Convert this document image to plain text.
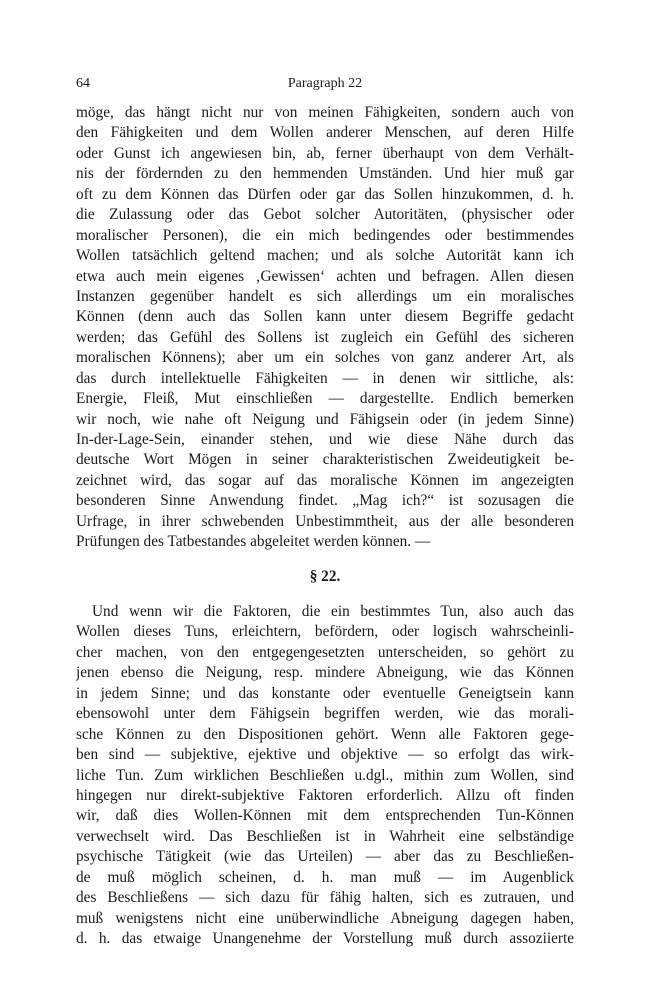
64	Paragraph 22
möge, das hängt nicht nur von meinen Fähigkeiten, sondern auch von
den Fähigkeiten und dem Wollen anderer Menschen, auf deren Hilfe
oder Gunst ich angewiesen bin, ab, ferner überhaupt von dem Verhält-
nis der fördernden zu den hemmenden Umständen. Und hier muß gar
oft zu dem Können das Dürfen oder gar das Sollen hinzukommen, d. h.
die Zulassung oder das Gebot solcher Autoritäten, (physischer oder
moralischer Personen), die ein mich bedingendes oder bestimmendes
Wollen tatsächlich geltend machen; und als solche Autorität kann ich
etwa auch mein eigenes ‚Gewissen‘ achten und befragen. Allen diesen
Instanzen gegenüber handelt es sich allerdings um ein moralisches
Können (denn auch das Sollen kann unter diesem Begriffe gedacht
werden; das Gefühl des Sollens ist zugleich ein Gefühl des sicheren
moralischen Könnens); aber um ein solches von ganz anderer Art, als
das durch intellektuelle Fähigkeiten — in denen wir sittliche, als:
Energie, Fleiß, Mut einschließen — dargestellte. Endlich bemerken
wir noch, wie nahe oft Neigung und Fähigsein oder (in jedem Sinne)
In-der-Lage-Sein, einander stehen, und wie diese Nähe durch das
deutsche Wort Mögen in seiner charakteristischen Zweideutigkeit be-
zeichnet wird, das sogar auf das moralische Können im angezeigten
besonderen Sinne Anwendung findet. „Mag ich?“ ist sozusagen die
Urfrage, in ihrer schwebenden Unbestimmtheit, aus der alle besonderen
Prüfungen des Tatbestandes abgeleitet werden können. —
§ 22.
Und wenn wir die Faktoren, die ein bestimmtes Tun, also auch das
Wollen dieses Tuns, erleichtern, befördern, oder logisch wahrscheinli-
cher machen, von den entgegengesetzten unterscheiden, so gehört zu
jenen ebenso die Neigung, resp. mindere Abneigung, wie das Können
in jedem Sinne; und das konstante oder eventuelle Geneigtsein kann
ebensowohl unter dem Fähigsein begriffen werden, wie das morali-
sche Können zu den Dispositionen gehört. Wenn alle Faktoren gege-
ben sind — subjektive, ejektive und objektive — so erfolgt das wirk-
liche Tun. Zum wirklichen Beschließen u.dgl., mithin zum Wollen, sind
hingegen nur direkt-subjektive Faktoren erforderlich. Allzu oft finden
wir, daß dies Wollen-Können mit dem entsprechenden Tun-Können
verwechselt wird. Das Beschließen ist in Wahrheit eine selbständige
psychische Tätigkeit (wie das Urteilen) — aber das zu Beschließen-
de muß möglich scheinen, d. h. man muß — im Augenblick
des Beschließens — sich dazu für fähig halten, sich es zutrauen, und
muß wenigstens nicht eine unüberwindliche Abneigung dagegen haben,
d. h. das etwaige Unangenehme der Vorstellung muß durch assoziierte
